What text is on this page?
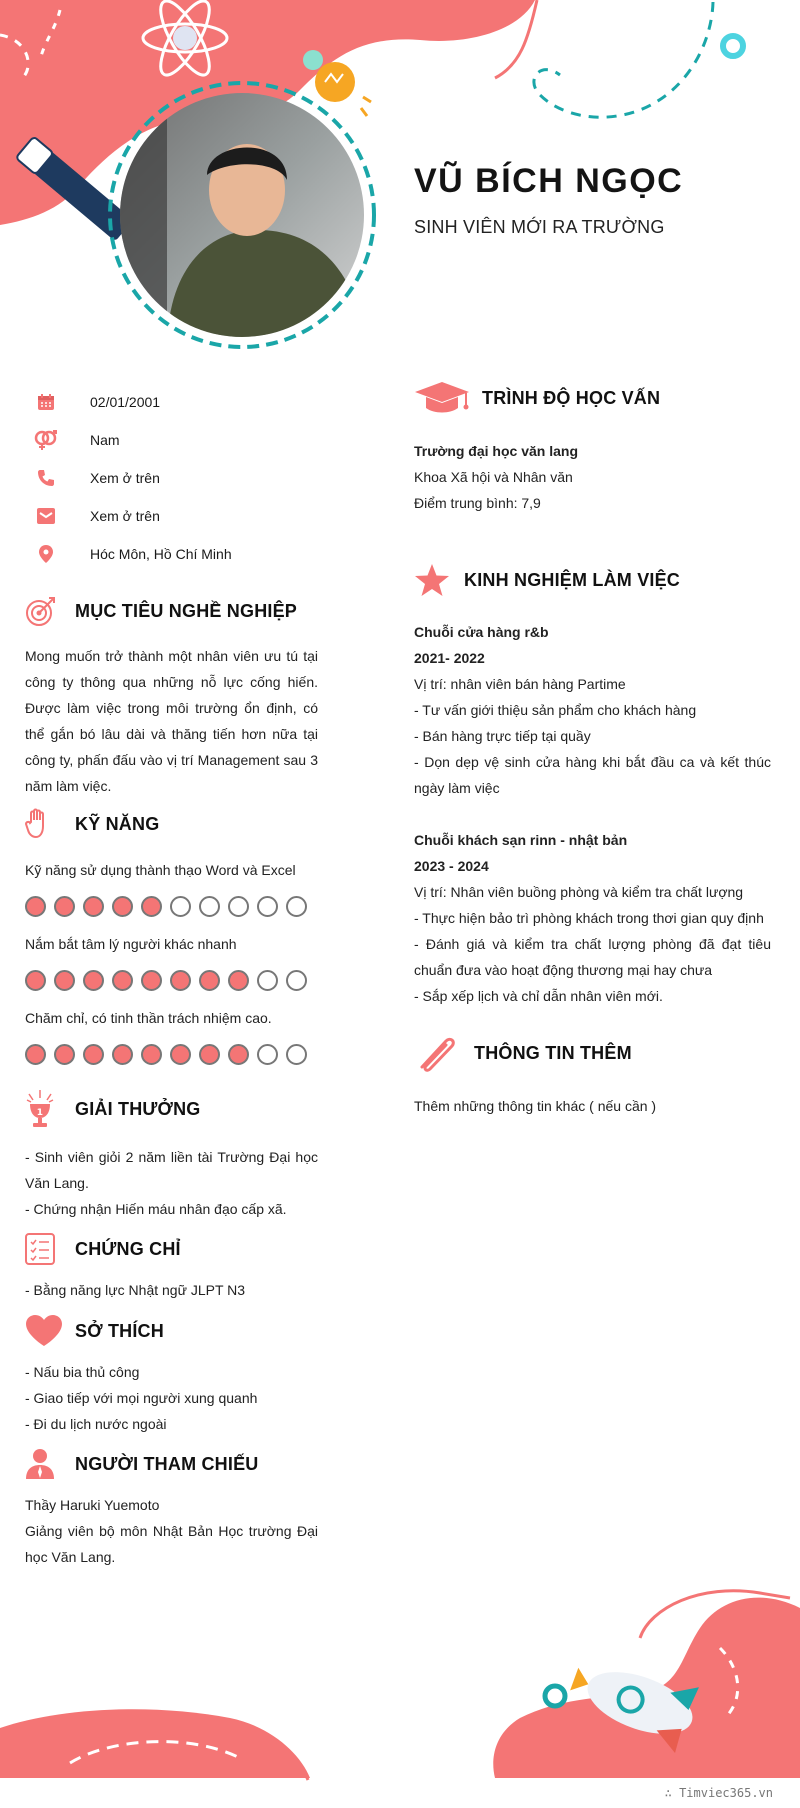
VŨ BÍCH NGỌC
SINH VIÊN MỚI RA TRƯỜNG
02/01/2001
Nam
Xem ở trên
Xem ở trên
Hóc Môn, Hồ Chí Minh
MỤC TIÊU NGHỀ NGHIỆP

Mong muốn trở thành một nhân viên ưu tú tại công ty thông qua những nỗ lực cống hiến. Được làm việc trong môi trường ổn định, có thể gắn bó lâu dài và thăng tiến hơn nữa tại công ty, phấn đấu vào vị trí Management sau 3 năm làm việc.

KỸ NĂNG
Kỹ năng sử dụng thành thạo Word và Excel
Nắm bắt tâm lý người khác nhanh
Chăm chỉ, có tinh thần trách nhiệm cao.
1 GIẢI THƯỞNG

- Sinh viên giỏi 2 năm liền tài Trường Đại học Văn Lang.

- Chứng nhận Hiến máu nhân đạo cấp xã.

CHỨNG CHỈ

- Bằng năng lực Nhật ngữ JLPT N3

SỞ THÍCH

- Nấu bia thủ công

- Giao tiếp với mọi người xung quanh

- Đi du lịch nước ngoài

NGƯỜI THAM CHIẾU

Thầy Haruki Yuemoto

Giảng viên bộ môn Nhật Bản Học trường Đại học Văn Lang.

TRÌNH ĐỘ HỌC VẤN

Trường đại học văn lang

Khoa Xã hội và Nhân văn

Điểm trung bình: 7,9

KINH NGHIỆM LÀM VIỆC

Chuỗi cửa hàng r&b

2021- 2022

Vị trí: nhân viên bán hàng Partime

- Tư vấn giới thiệu sản phẩm cho khách hàng

- Bán hàng trực tiếp tại quầy

- Dọn dẹp vệ sinh cửa hàng khi bắt đầu ca và kết thúc ngày làm việc

Chuỗi khách sạn rinn - nhật bản

2023 - 2024

Vị trí: Nhân viên buồng phòng và kiểm tra chất lượng

- Thực hiện bảo trì phòng khách trong thơi gian quy định

- Đánh giá và kiểm tra chất lượng phòng đã đạt tiêu chuẩn đưa vào hoạt động thương mại hay chưa

- Sắp xếp lịch và chỉ dẫn nhân viên mới.

THÔNG TIN THÊM

Thêm những thông tin khác ( nếu cần )

∴ Timviec365.vn
